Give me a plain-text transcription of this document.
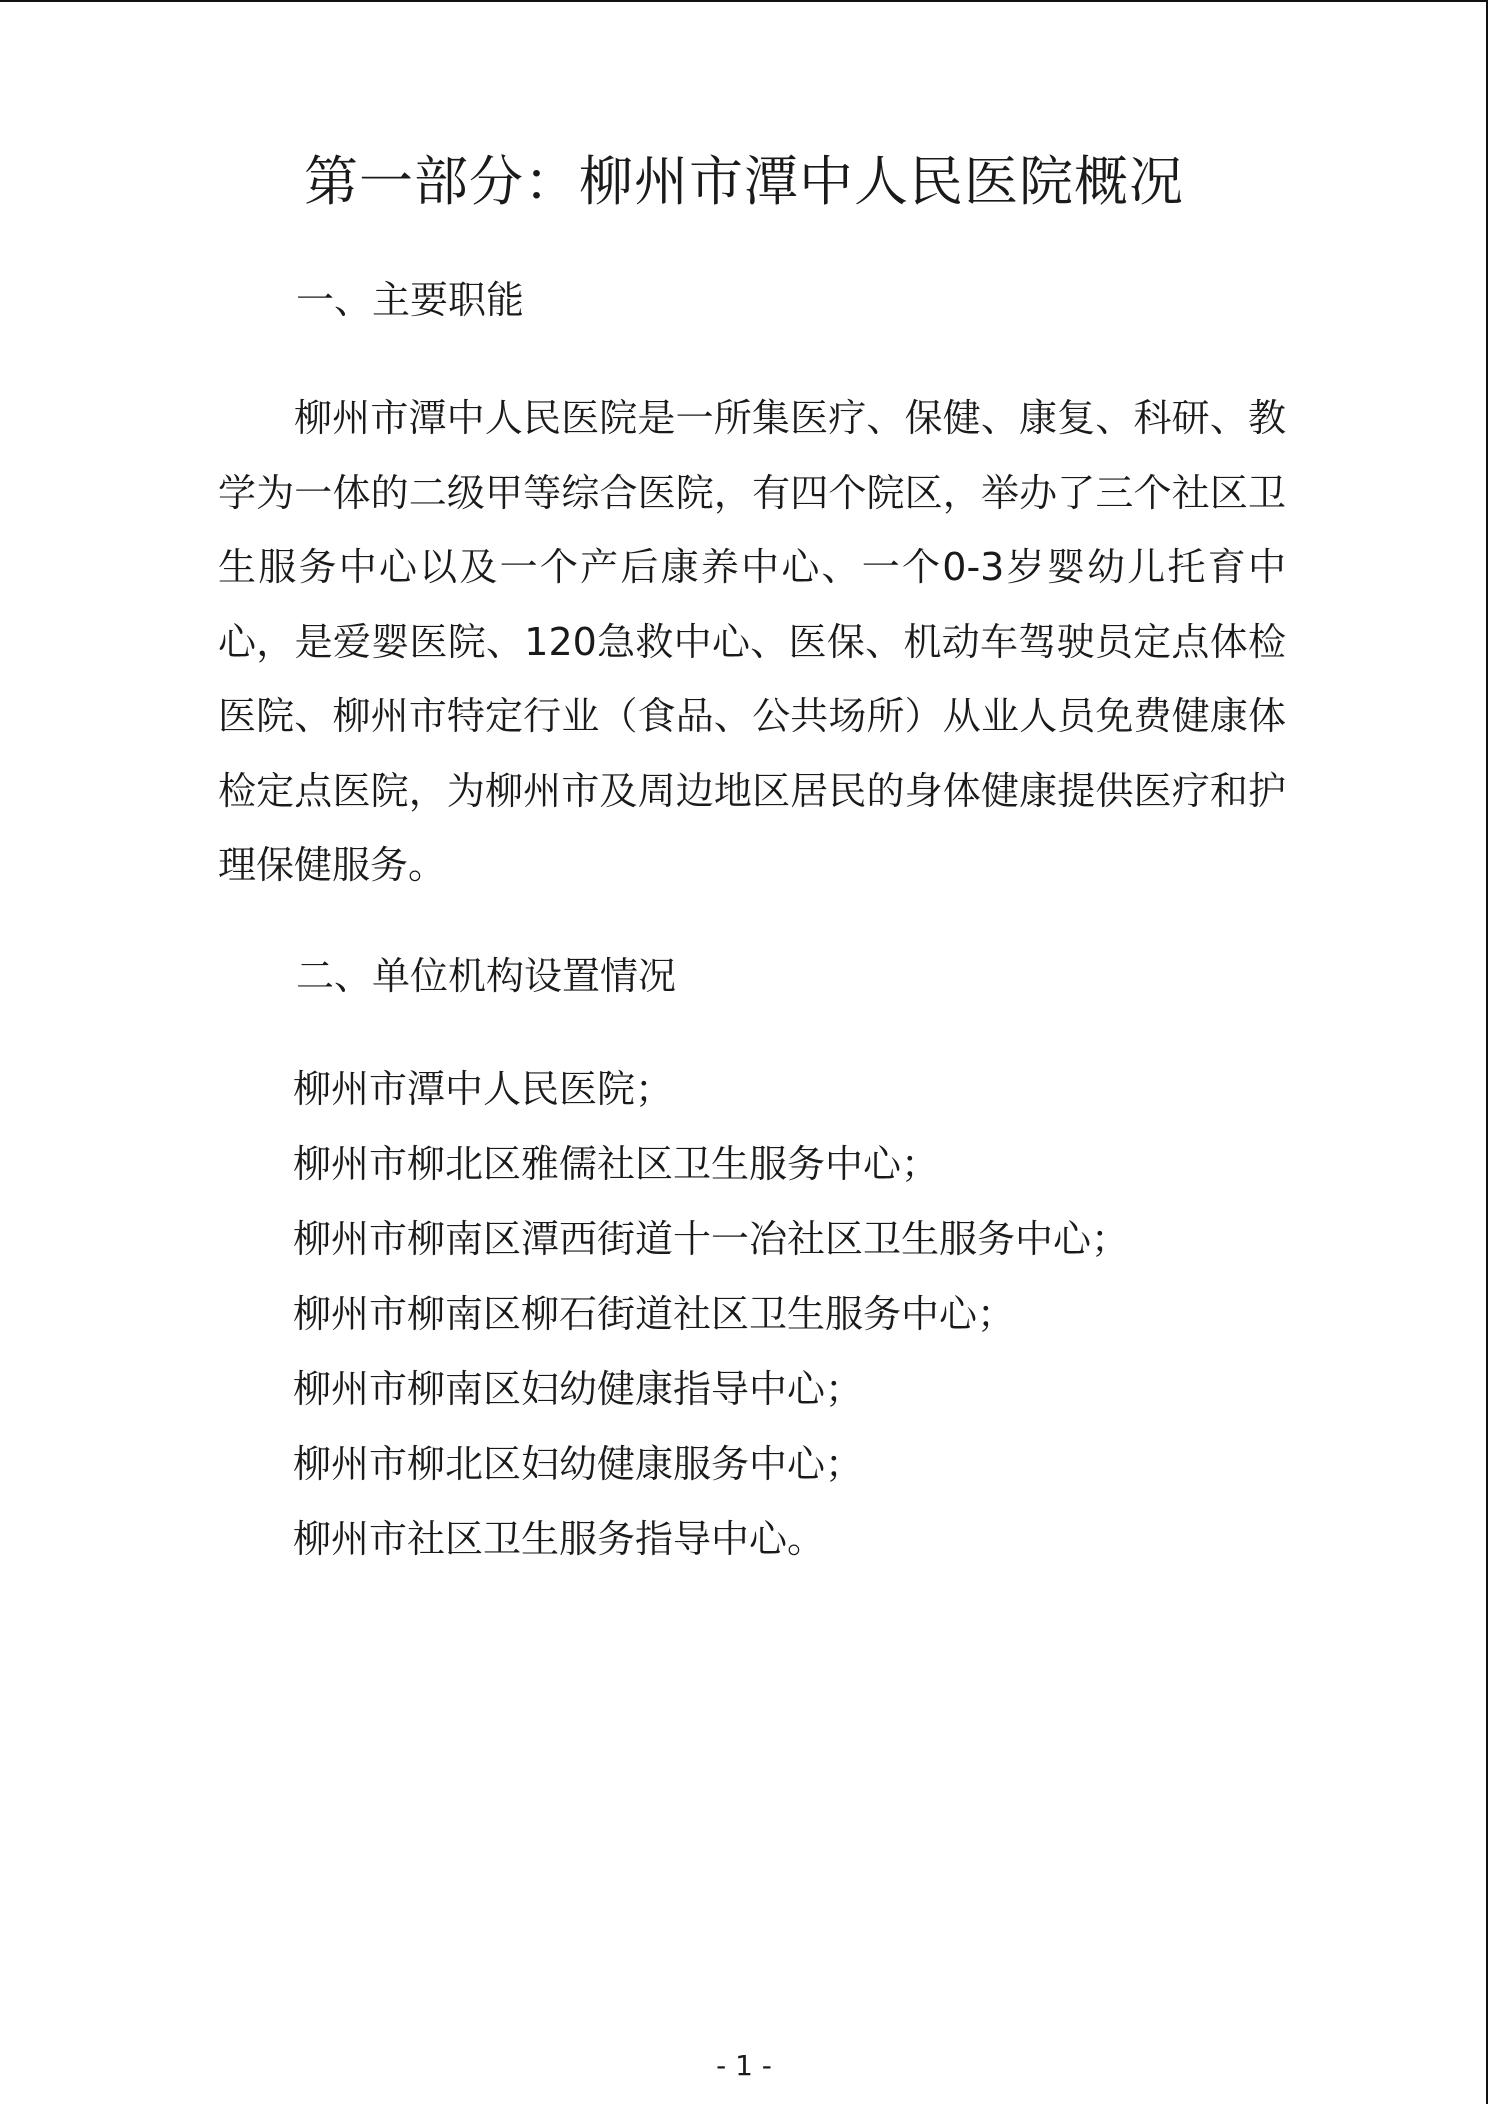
第一部分：柳州市潭中人民医院概况
一、主要职能

柳州市潭中人民医院是一所集医疗、保健、康复、科研、教学为一体的二级甲等综合医院，有四个院区，举办了三个社区卫生服务中心以及一个产后康养中心、一个0-3岁婴幼儿托育中心，是爱婴医院、120急救中心、医保、机动车驾驶员定点体检医院、柳州市特定行业（食品、公共场所）从业人员免费健康体检定点医院，为柳州市及周边地区居民的身体健康提供医疗和护理保健服务。

二、单位机构设置情况
柳州市潭中人民医院；
柳州市柳北区雅儒社区卫生服务中心；
柳州市柳南区潭西街道十一冶社区卫生服务中心；
柳州市柳南区柳石街道社区卫生服务中心；
柳州市柳南区妇幼健康指导中心；
柳州市柳北区妇幼健康服务中心；
柳州市社区卫生服务指导中心。
- 1 -
